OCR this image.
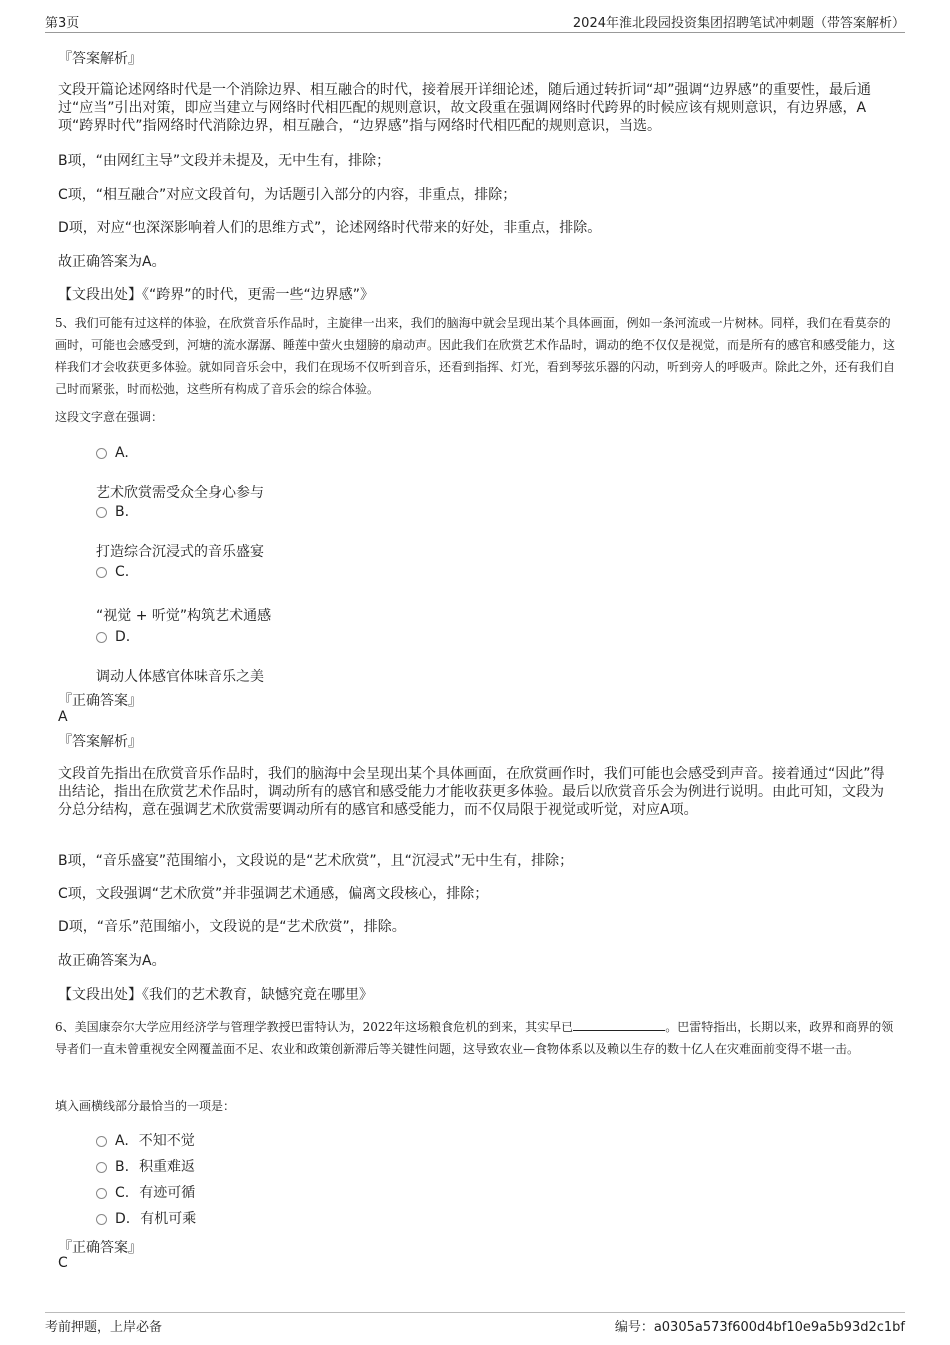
第3页	2024年淮北段园投资集团招聘笔试冲刺题（带答案解析）
『答案解析』

文段开篇论述网络时代是一个消除边界、相互融合的时代，接着展开详细论述，随后通过转折词“却”强调“边界感”的重要性，最后通过“应当”引出对策，即应当建立与网络时代相匹配的规则意识，故文段重在强调网络时代跨界的时候应该有规则意识，有边界感，A项“跨界时代”指网络时代消除边界，相互融合，“边界感”指与网络时代相匹配的规则意识，当选。

B项，“由网红主导”文段并未提及，无中生有，排除；

C项，“相互融合”对应文段首句，为话题引入部分的内容，非重点，排除；

D项，对应“也深深影响着人们的思维方式”，论述网络时代带来的好处，非重点，排除。

故正确答案为A。

【文段出处】《“跨界”的时代，更需一些“边界感”》

5、我们可能有过这样的体验，在欣赏音乐作品时，主旋律一出来，我们的脑海中就会呈现出某个具体画面，例如一条河流或一片树林。同样，我们在看莫奈的画时，可能也会感受到，河塘的流水潺潺、睡莲中萤火虫翅膀的扇动声。因此我们在欣赏艺术作品时，调动的绝不仅仅是视觉，而是所有的感官和感受能力，这样我们才会收获更多体验。就如同音乐会中，我们在现场不仅听到音乐，还看到指挥、灯光，看到琴弦乐器的闪动，听到旁人的呼吸声。除此之外，还有我们自己时而紧张，时而松弛，这些所有构成了音乐会的综合体验。

这段文字意在强调：

A.
艺术欣赏需受众全身心参与
B.
打造综合沉浸式的音乐盛宴
C.
“视觉 + 听觉”构筑艺术通感
D.
调动人体感官体味音乐之美
『正确答案』
A
『答案解析』

文段首先指出在欣赏音乐作品时，我们的脑海中会呈现出某个具体画面，在欣赏画作时，我们可能也会感受到声音。接着通过“因此”得出结论，指出在欣赏艺术作品时，调动所有的感官和感受能力才能收获更多体验。最后以欣赏音乐会为例进行说明。由此可知，文段为分总分结构，意在强调艺术欣赏需要调动所有的感官和感受能力，而不仅局限于视觉或听觉，对应A项。

B项，“音乐盛宴”范围缩小，文段说的是“艺术欣赏”，且“沉浸式”无中生有，排除；

C项，文段强调“艺术欣赏”并非强调艺术通感，偏离文段核心，排除；

D项，“音乐”范围缩小，文段说的是“艺术欣赏”，排除。

故正确答案为A。

【文段出处】《我们的艺术教育，缺憾究竟在哪里》

6、美国康奈尔大学应用经济学与管理学教授巴雷特认为，2022年这场粮食危机的到来，其实早已	。巴雷特指出，长期以来，政界和商界的领导者们一直未曾重视安全网覆盖面不足、农业和政策创新滞后等关键性问题，这导致农业—食物体系以及赖以生存的数十亿人在灾难面前变得不堪一击。

填入画横线部分最恰当的一项是：

A. 不知不觉
B. 积重难返
C. 有迹可循
D. 有机可乘
『正确答案』
C
考前押题，上岸必备	编号：a0305a573f600d4bf10e9a5b93d2c1bf
